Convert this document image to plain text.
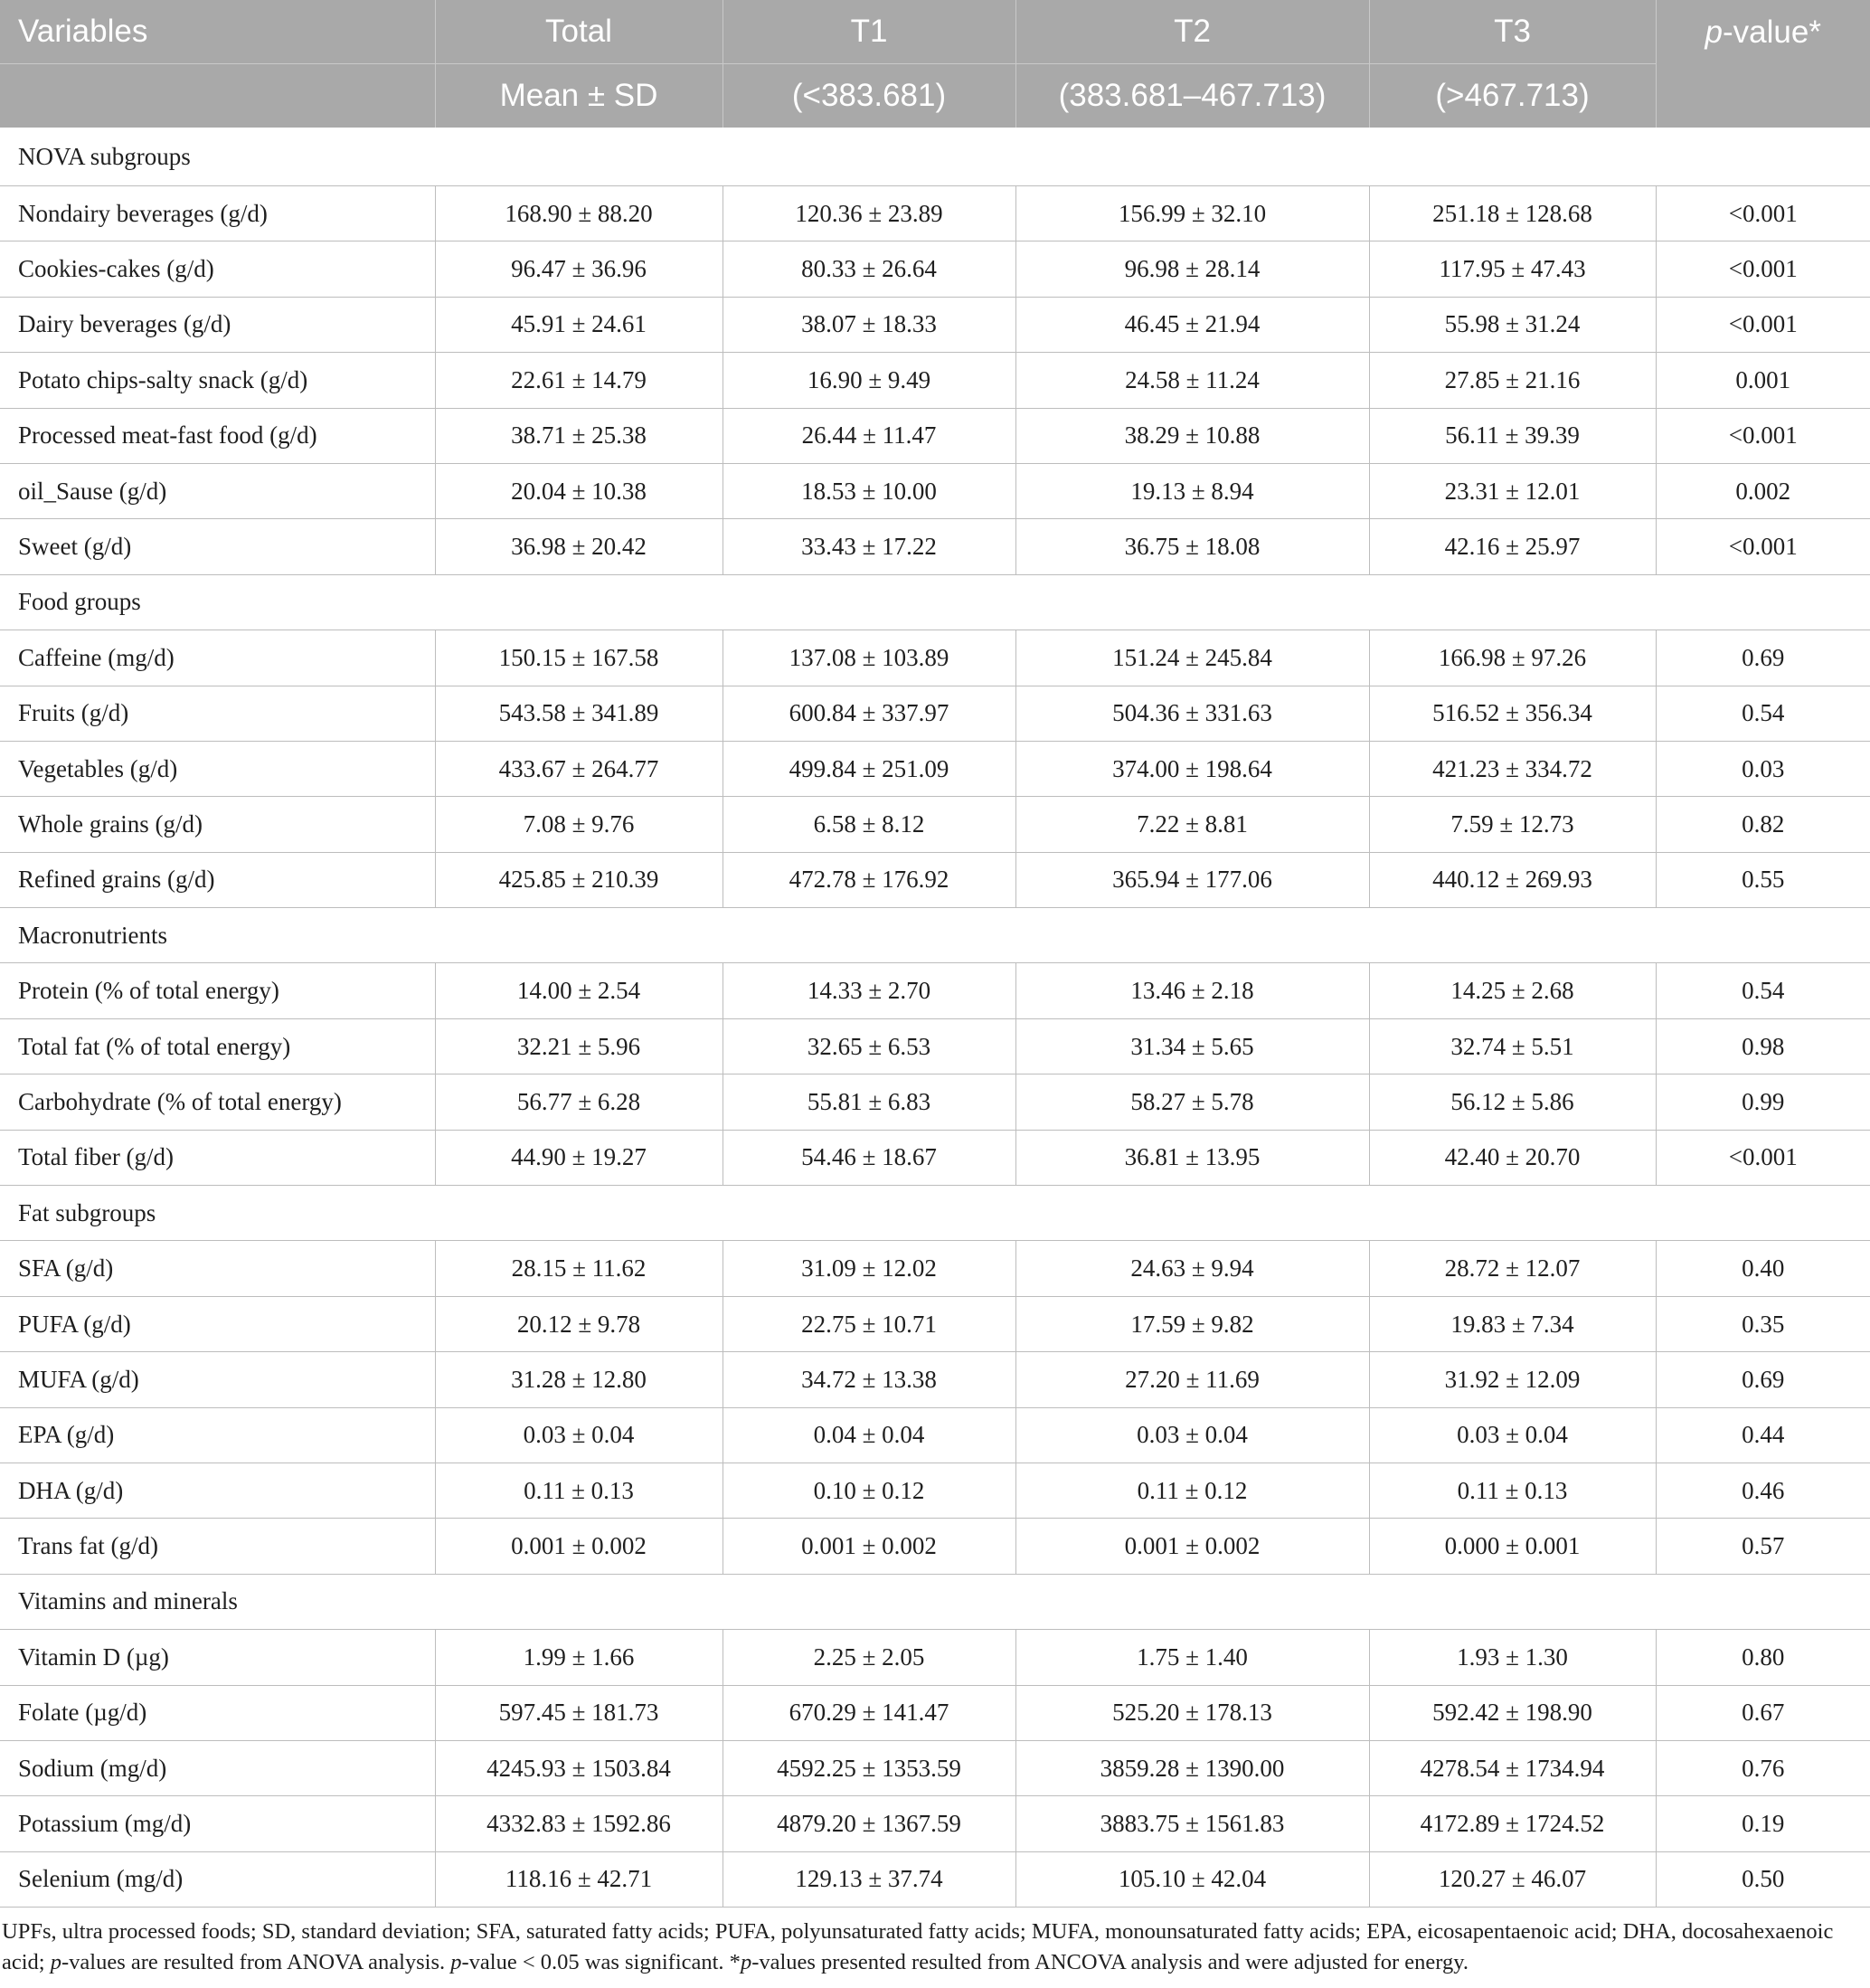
Variables	Total	T1	T2	T3	p-value*
	Mean ± SD	(<383.681)	(383.681–467.713)	(>467.713)	
NOVA subgroups					
Nondairy beverages (g/d)	168.90 ± 88.20	120.36 ± 23.89	156.99 ± 32.10	251.18 ± 128.68	<0.001
Cookies-cakes (g/d)	96.47 ± 36.96	80.33 ± 26.64	96.98 ± 28.14	117.95 ± 47.43	<0.001
Dairy beverages (g/d)	45.91 ± 24.61	38.07 ± 18.33	46.45 ± 21.94	55.98 ± 31.24	<0.001
Potato chips-salty snack (g/d)	22.61 ± 14.79	16.90 ± 9.49	24.58 ± 11.24	27.85 ± 21.16	0.001
Processed meat-fast food (g/d)	38.71 ± 25.38	26.44 ± 11.47	38.29 ± 10.88	56.11 ± 39.39	<0.001
oil_Sause (g/d)	20.04 ± 10.38	18.53 ± 10.00	19.13 ± 8.94	23.31 ± 12.01	0.002
Sweet (g/d)	36.98 ± 20.42	33.43 ± 17.22	36.75 ± 18.08	42.16 ± 25.97	<0.001
Food groups					
Caffeine (mg/d)	150.15 ± 167.58	137.08 ± 103.89	151.24 ± 245.84	166.98 ± 97.26	0.69
Fruits (g/d)	543.58 ± 341.89	600.84 ± 337.97	504.36 ± 331.63	516.52 ± 356.34	0.54
Vegetables (g/d)	433.67 ± 264.77	499.84 ± 251.09	374.00 ± 198.64	421.23 ± 334.72	0.03
Whole grains (g/d)	7.08 ± 9.76	6.58 ± 8.12	7.22 ± 8.81	7.59 ± 12.73	0.82
Refined grains (g/d)	425.85 ± 210.39	472.78 ± 176.92	365.94 ± 177.06	440.12 ± 269.93	0.55
Macronutrients					
Protein (% of total energy)	14.00 ± 2.54	14.33 ± 2.70	13.46 ± 2.18	14.25 ± 2.68	0.54
Total fat (% of total energy)	32.21 ± 5.96	32.65 ± 6.53	31.34 ± 5.65	32.74 ± 5.51	0.98
Carbohydrate (% of total energy)	56.77 ± 6.28	55.81 ± 6.83	58.27 ± 5.78	56.12 ± 5.86	0.99
Total fiber (g/d)	44.90 ± 19.27	54.46 ± 18.67	36.81 ± 13.95	42.40 ± 20.70	<0.001
Fat subgroups					
SFA (g/d)	28.15 ± 11.62	31.09 ± 12.02	24.63 ± 9.94	28.72 ± 12.07	0.40
PUFA (g/d)	20.12 ± 9.78	22.75 ± 10.71	17.59 ± 9.82	19.83 ± 7.34	0.35
MUFA (g/d)	31.28 ± 12.80	34.72 ± 13.38	27.20 ± 11.69	31.92 ± 12.09	0.69
EPA (g/d)	0.03 ± 0.04	0.04 ± 0.04	0.03 ± 0.04	0.03 ± 0.04	0.44
DHA (g/d)	0.11 ± 0.13	0.10 ± 0.12	0.11 ± 0.12	0.11 ± 0.13	0.46
Trans fat (g/d)	0.001 ± 0.002	0.001 ± 0.002	0.001 ± 0.002	0.000 ± 0.001	0.57
Vitamins and minerals					
Vitamin D (µg)	1.99 ± 1.66	2.25 ± 2.05	1.75 ± 1.40	1.93 ± 1.30	0.80
Folate (µg/d)	597.45 ± 181.73	670.29 ± 141.47	525.20 ± 178.13	592.42 ± 198.90	0.67
Sodium (mg/d)	4245.93 ± 1503.84	4592.25 ± 1353.59	3859.28 ± 1390.00	4278.54 ± 1734.94	0.76
Potassium (mg/d)	4332.83 ± 1592.86	4879.20 ± 1367.59	3883.75 ± 1561.83	4172.89 ± 1724.52	0.19
Selenium (mg/d)	118.16 ± 42.71	129.13 ± 37.74	105.10 ± 42.04	120.27 ± 46.07	0.50

UPFs, ultra processed foods; SD, standard deviation; SFA, saturated fatty acids; PUFA, polyunsaturated fatty acids; MUFA, monounsaturated fatty acids; EPA, eicosapentaenoic acid; DHA, docosahexaenoic acid; p-values are resulted from ANOVA analysis. p-value < 0.05 was significant. *p-values presented resulted from ANCOVA analysis and were adjusted for energy.
